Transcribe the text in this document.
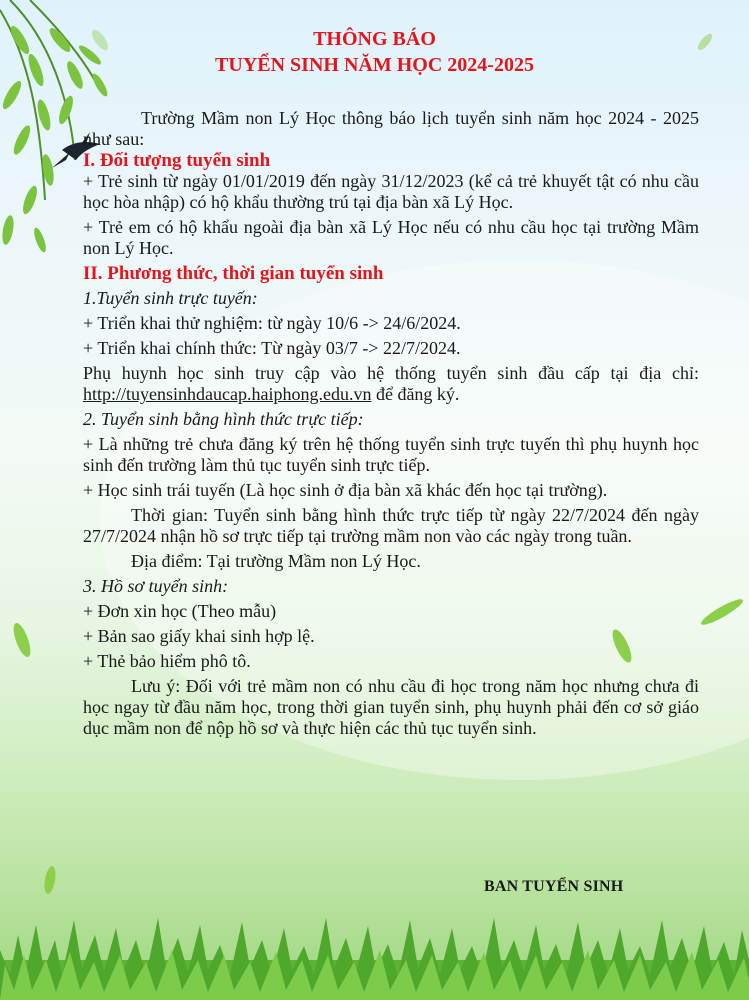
THÔNG BÁO
TUYỂN SINH NĂM HỌC 2024-2025

Trường Mầm non Lý Học thông báo lịch tuyển sinh năm học 2024 - 2025 như sau:

I. Đối tượng tuyển sinh

+ Trẻ sinh từ ngày 01/01/2019 đến ngày 31/12/2023 (kể cả trẻ khuyết tật có nhu cầu học hòa nhập) có hộ khẩu thường trú tại địa bàn xã Lý Học.

+ Trẻ em có hộ khẩu ngoài địa bàn xã Lý Học nếu có nhu cầu học tại trường Mầm non Lý Học.

II. Phương thức, thời gian tuyển sinh

1.Tuyển sinh trực tuyến:

+ Triển khai thử nghiệm: từ ngày 10/6 -> 24/6/2024.

+ Triển khai chính thức: Từ ngày 03/7 -> 22/7/2024.

Phụ huynh học sinh truy cập vào hệ thống tuyển sinh đầu cấp tại địa chỉ: http://tuyensinhdaucap.haiphong.edu.vn để đăng ký.

2. Tuyển sinh bằng hình thức trực tiếp:

+ Là những trẻ chưa đăng ký trên hệ thống tuyển sinh trực tuyến thì phụ huynh học sinh đến trường làm thủ tục tuyển sinh trực tiếp.

+ Học sinh trái tuyến (Là học sinh ở địa bàn xã khác đến học tại trường).

Thời gian: Tuyển sinh bằng hình thức trực tiếp từ ngày 22/7/2024 đến ngày 27/7/2024 nhận hồ sơ trực tiếp tại trường mầm non vào các ngày trong tuần.

Địa điểm: Tại trường Mầm non Lý Học.

3. Hồ sơ tuyển sinh:

+ Đơn xin học (Theo mẫu)

+ Bản sao giấy khai sinh hợp lệ.

+ Thẻ bảo hiểm phô tô.

Lưu ý: Đối với trẻ mầm non có nhu cầu đi học trong năm học nhưng chưa đi học ngay từ đầu năm học, trong thời gian tuyển sinh, phụ huynh phải đến cơ sở giáo dục mầm non để nộp hồ sơ và thực hiện các thủ tục tuyển sinh.

BAN TUYỂN SINH
